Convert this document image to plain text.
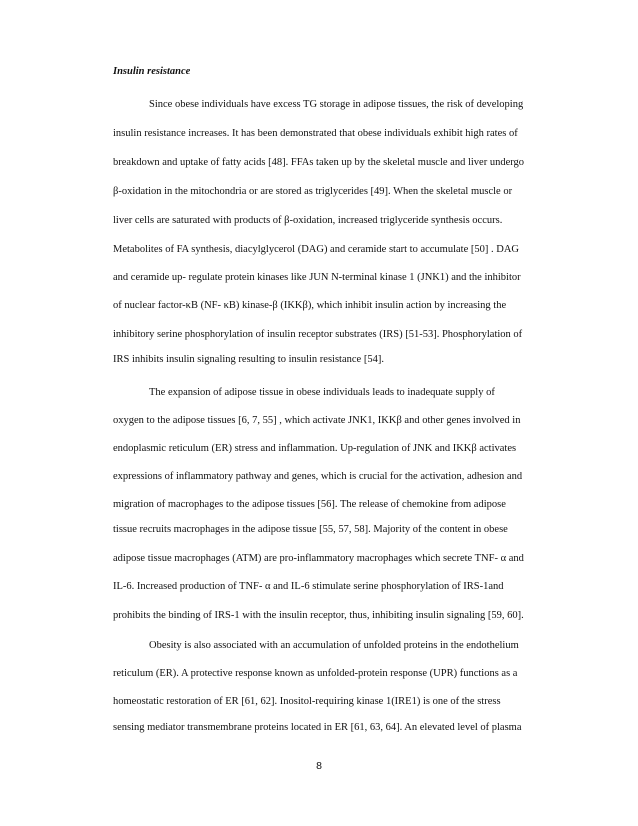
Insulin resistance
Since obese individuals have excess TG storage in adipose tissues, the risk of developing
insulin resistance increases. It has been demonstrated that obese individuals exhibit high rates of
breakdown and uptake of fatty acids [48]. FFAs taken up by the skeletal muscle and liver undergo
β-oxidation in the mitochondria or are stored as triglycerides [49]. When the skeletal muscle or
liver cells are saturated with products of β-oxidation, increased triglyceride synthesis occurs.
Metabolites of FA synthesis, diacylglycerol (DAG) and ceramide start to accumulate [50] . DAG
and ceramide up- regulate protein kinases like JUN N-terminal kinase 1 (JNK1) and the inhibitor
of nuclear factor-κB (NF- κB) kinase-β (IKKβ), which inhibit insulin action by increasing the
inhibitory serine phosphorylation of insulin receptor substrates (IRS) [51-53]. Phosphorylation of
IRS inhibits insulin signaling resulting to insulin resistance [54].
The expansion of adipose tissue in obese individuals leads to inadequate supply of
oxygen to the adipose tissues [6, 7, 55] , which activate JNK1, IKKβ and other genes involved in
endoplasmic reticulum (ER) stress and inflammation. Up-regulation of JNK and IKKβ activates
expressions of inflammatory pathway and genes, which is crucial for the activation, adhesion and
migration of macrophages to the adipose tissues [56]. The release of chemokine from adipose
tissue recruits macrophages in the adipose tissue [55, 57, 58]. Majority of the content in obese
adipose tissue macrophages (ATM) are pro-inflammatory macrophages which secrete TNF- α and
IL-6. Increased production of TNF- α and IL-6 stimulate serine phosphorylation of IRS-1and
prohibits the binding of IRS-1 with the insulin receptor, thus, inhibiting insulin signaling [59, 60].
Obesity is also associated with an accumulation of unfolded proteins in the endothelium
reticulum (ER). A protective response known as unfolded-protein response (UPR) functions as a
homeostatic restoration of ER [61, 62]. Inositol-requiring kinase 1(IRE1) is one of the stress
sensing mediator transmembrane proteins located in ER [61, 63, 64]. An elevated level of plasma
8
